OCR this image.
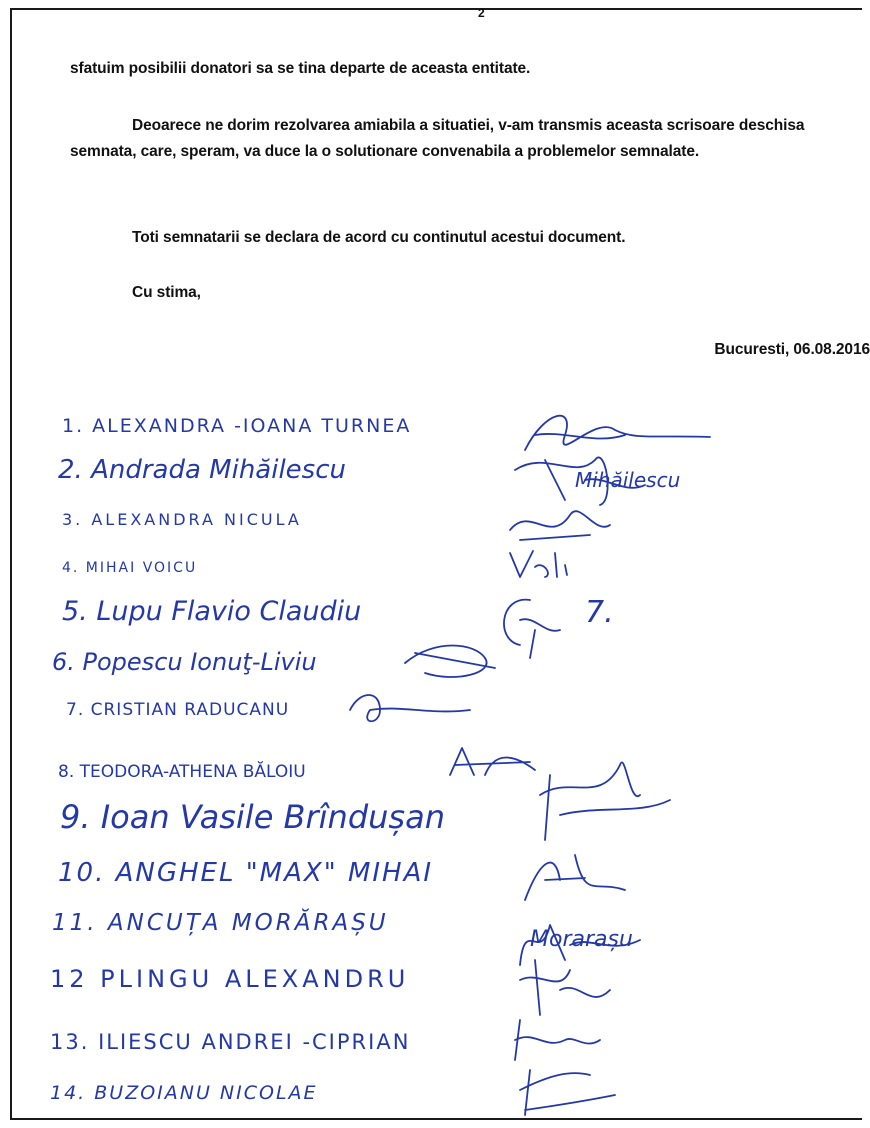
2
sfatuim posibilii donatori sa se tina departe de aceasta entitate.
Deoarece ne dorim rezolvarea amiabila a situatiei, v-am transmis aceasta scrisoare deschisa semnata, care, speram, va duce la o solutionare convenabila a problemelor semnalate.
Toti semnatarii se declara de acord cu continutul acestui document.
Cu stima,
Bucuresti, 06.08.2016
1. ALEXANDRA -IOANA TURNEA
2. Andrada Mihăilescu
3. ALEXANDRA NICULA
4. MIHAI VOICU
5. Lupu Flavio Claudiu
6. Popescu Ionuţ-Liviu
7. CRISTIAN RADUCANU
8. TEODORA-ATHENA BĂLOIU
9. Ioan Vasile Brîndușan
10. ANGHEL "MAX" MIHAI
11. ANCUȚA MORĂRAȘU
12 PLINGU ALEXANDRU
13. ILIESCU ANDREI -CIPRIAN
14. BUZOIANU NICOLAE
Mihăilescu
7.
Morarașu
